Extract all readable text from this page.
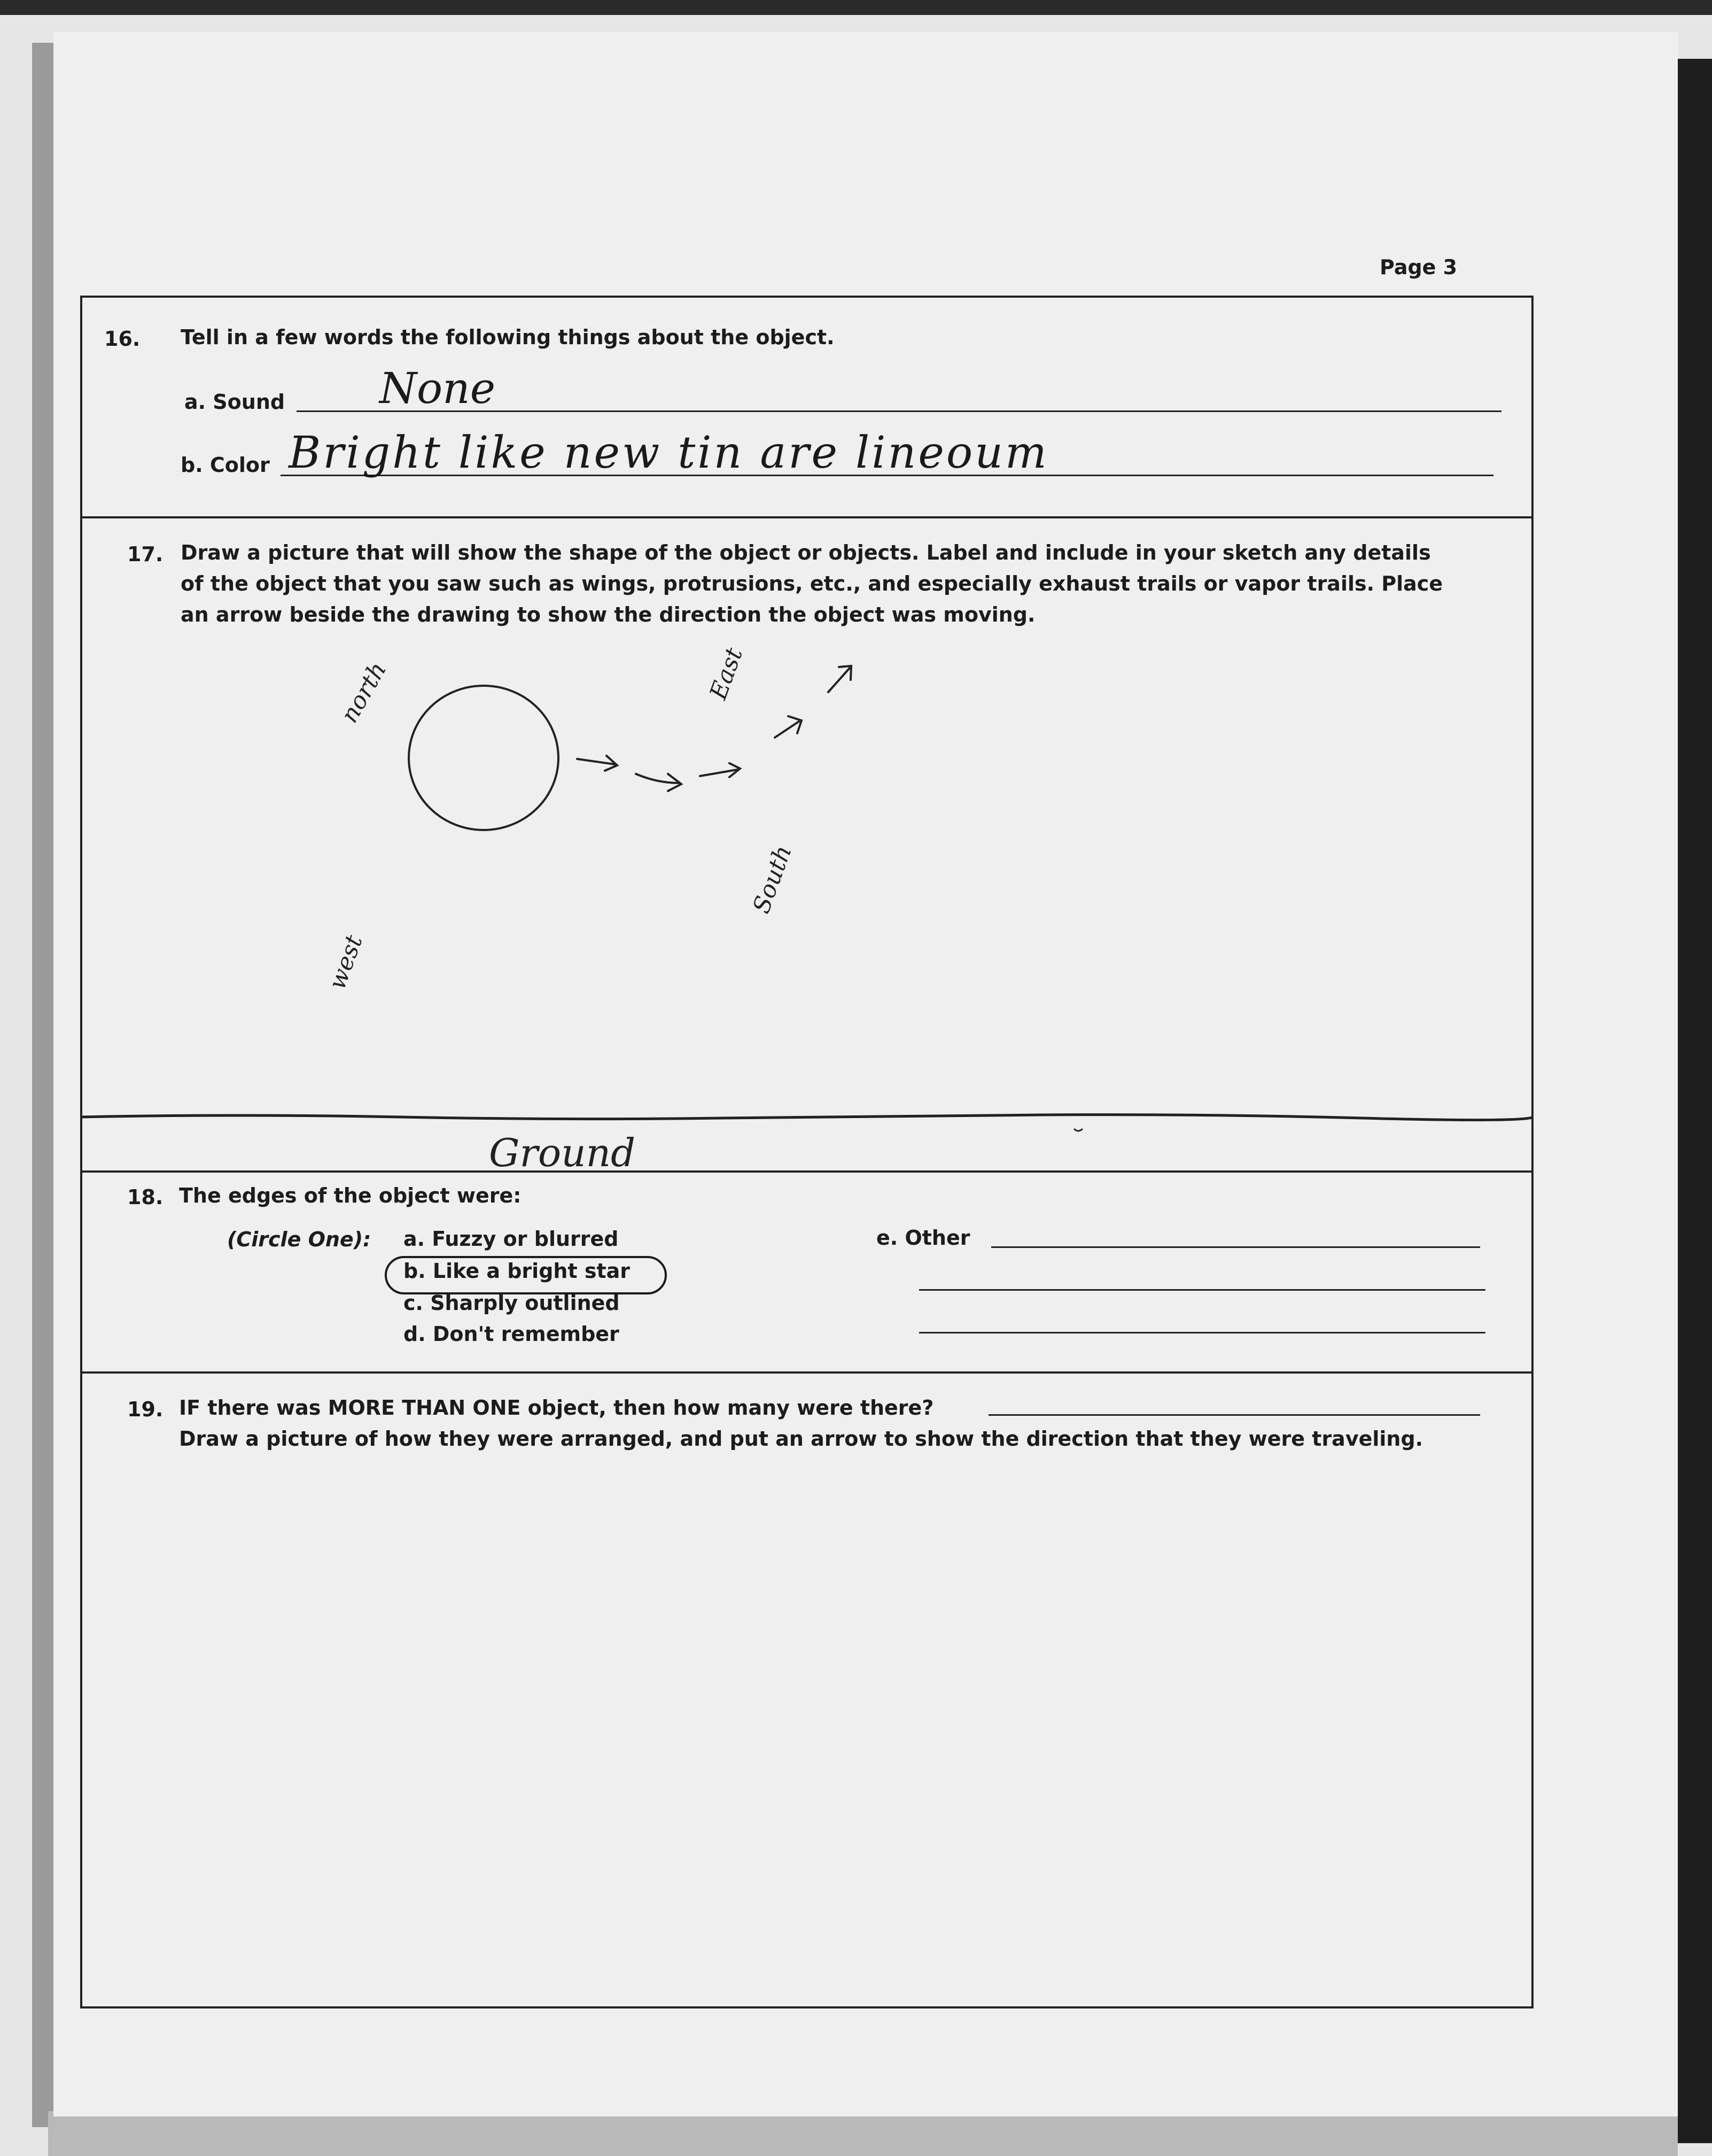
Page 3
16. Tell in a few words the following things about the object.
a. Sound None
b. Color Bright like new tin are lineoum
17. Draw a picture that will show the shape of the object or objects. Label and include in your sketch any details
of the object that you saw such as wings, protrusions, etc., and especially exhaust trails or vapor trails. Place
an arrow beside the drawing to show the direction the object was moving.
north	East
South
west
Ground
18. The edges of the object were:
(Circle One): a. Fuzzy or blurred
b. Like a bright star
c. Sharply outlined
d. Don't remember
e. Other
19. IF there was MORE THAN ONE object, then how many were there?
Draw a picture of how they were arranged, and put an arrow to show the direction that they were traveling.
